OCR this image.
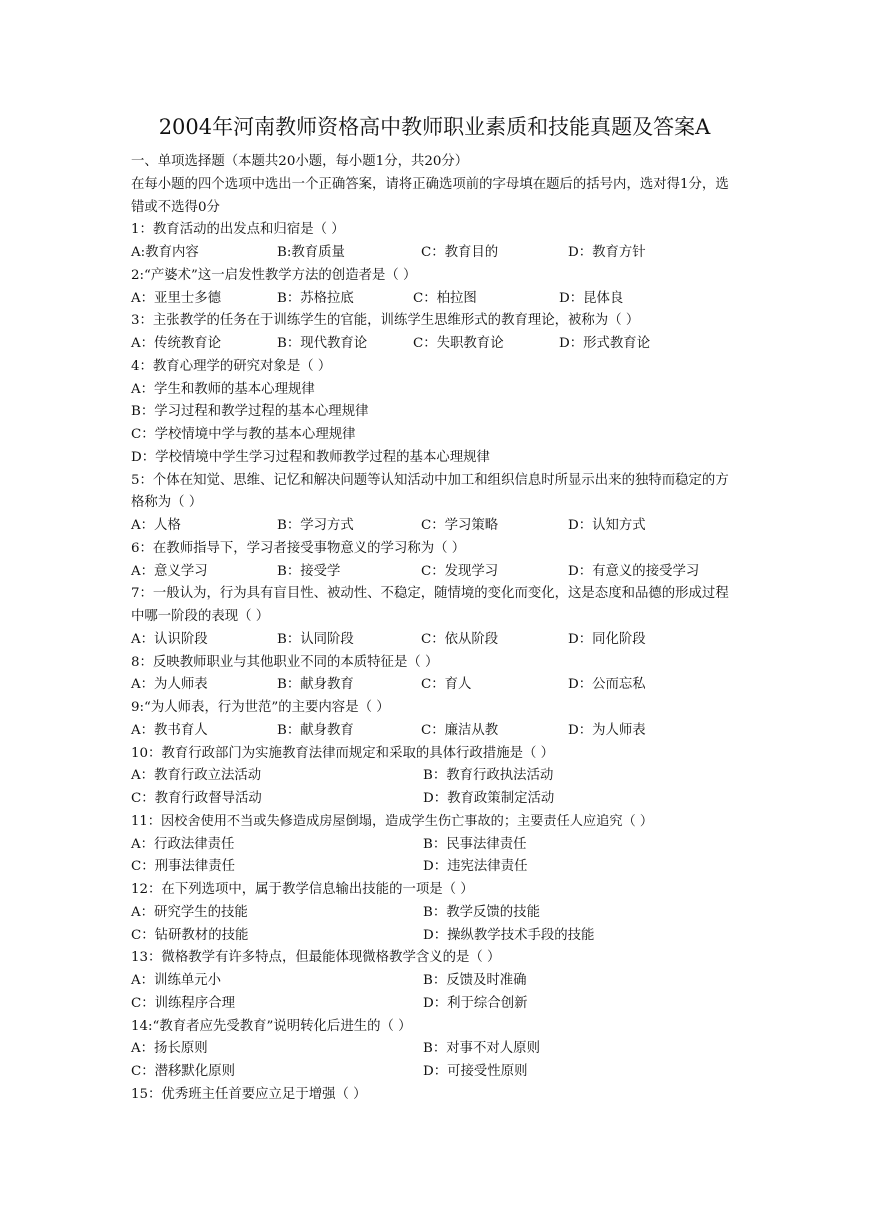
2004年河南教师资格高中教师职业素质和技能真题及答案A
一、单项选择题（本题共20小题，每小题1分，共20分）
在每小题的四个选项中选出一个正确答案，请将正确选项前的字母填在题后的括号内，选对得1分，选错或不选得0分
1：教育活动的出发点和归宿是（ ）
A:教育内容	B:教育质量	C：教育目的	D：教育方针
2:“产婆术”这一启发性教学方法的创造者是（ ）
A：亚里士多德	B：苏格拉底	C：柏拉图	D：昆体良
3：主张教学的任务在于训练学生的官能，训练学生思维形式的教育理论，被称为（ ）
A：传统教育论	B：现代教育论	C：失职教育论	D：形式教育论
4：教育心理学的研究对象是（ ）
A：学生和教师的基本心理规律
B：学习过程和教学过程的基本心理规律
C：学校情境中学与教的基本心理规律
D：学校情境中学生学习过程和教师教学过程的基本心理规律
5：个体在知觉、思维、记忆和解决问题等认知活动中加工和组织信息时所显示出来的独特而稳定的方格称为（ ）
A：人格	B：学习方式	C：学习策略	D：认知方式
6：在教师指导下，学习者接受事物意义的学习称为（ ）
A：意义学习	B：接受学	C：发现学习	D：有意义的接受学习
7：一般认为，行为具有盲目性、被动性、不稳定，随情境的变化而变化，这是态度和品德的形成过程中哪一阶段的表现（ ）
A：认识阶段	B：认同阶段	C：依从阶段	D：同化阶段
8：反映教师职业与其他职业不同的本质特征是（ ）
A：为人师表	B：献身教育	C：育人	D：公而忘私
9:“为人师表，行为世范”的主要内容是（ ）
A：教书育人	B：献身教育	C：廉洁从教	D：为人师表
10：教育行政部门为实施教育法律而规定和采取的具体行政措施是（ ）
A：教育行政立法活动	B：教育行政执法活动
C：教育行政督导活动	D：教育政策制定活动
11：因校舍使用不当或失修造成房屋倒塌，造成学生伤亡事故的；主要责任人应追究（ ）
A：行政法律责任	B：民事法律责任
C：刑事法律责任	D：违宪法律责任
12：在下列选项中，属于教学信息输出技能的一项是（ ）
A：研究学生的技能	B：教学反馈的技能
C：钻研教材的技能	D：操纵教学技术手段的技能
13：微格教学有许多特点，但最能体现微格教学含义的是（ ）
A：训练单元小	B：反馈及时准确
C：训练程序合理	D：利于综合创新
14:“教育者应先受教育”说明转化后进生的（ ）
A：扬长原则	B：对事不对人原则
C：潜移默化原则	D：可接受性原则
15：优秀班主任首要应立足于增强（ ）
